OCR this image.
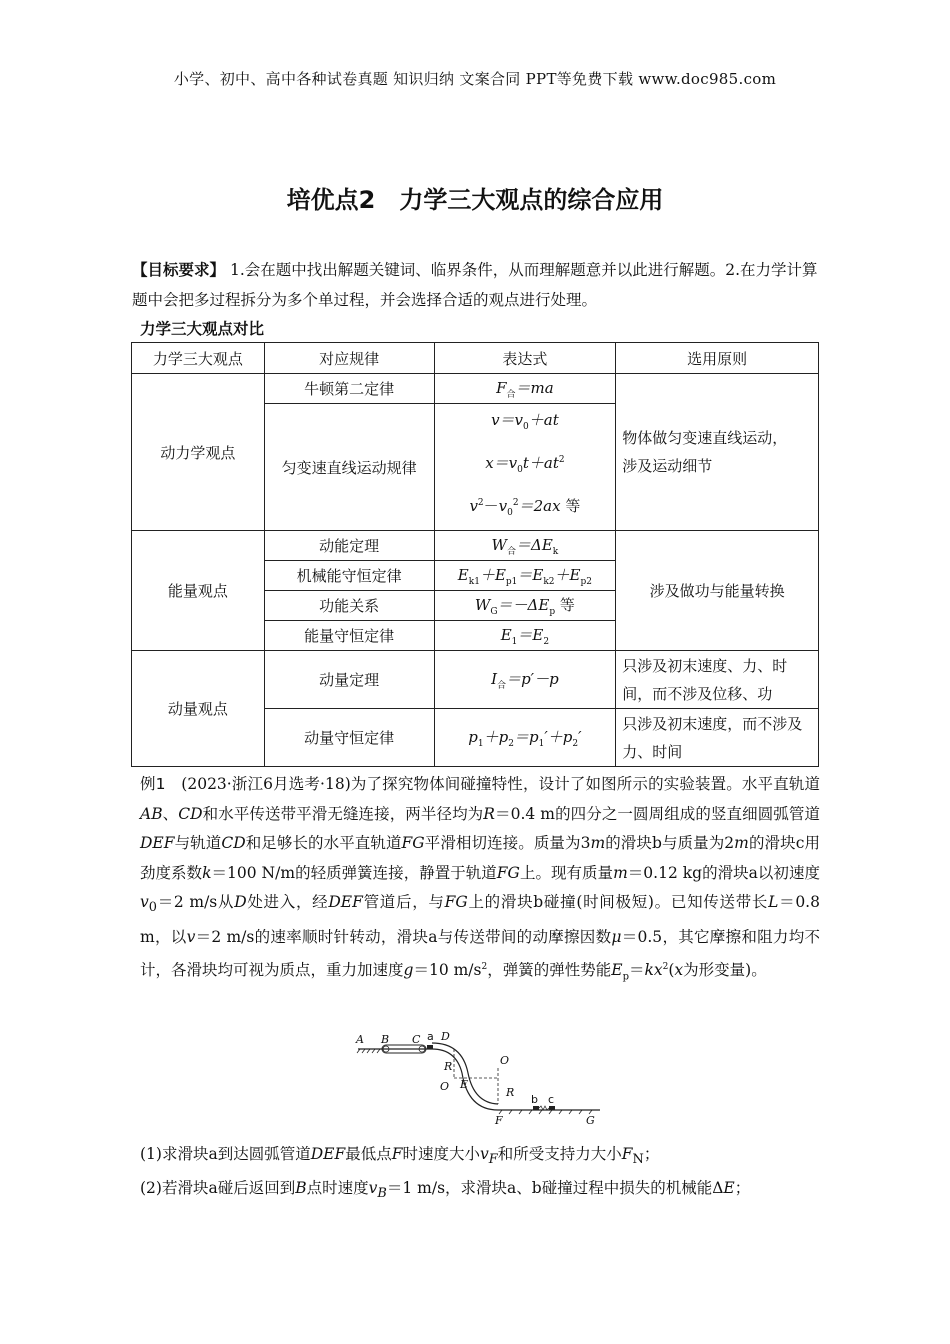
小学、初中、高中各种试卷真题 知识归纳 文案合同 PPT等免费下载 www.doc985.com
培优点2　力学三大观点的综合应用
【目标要求】 1.会在题中找出解题关键词、临界条件，从而理解题意并以此进行解题。2.在力学计算题中会把多过程拆分为多个单过程，并会选择合适的观点进行处理。
力学三大观点对比
力学三大观点	对应规律	表达式	选用原则
动力学观点	牛顿第二定律	$F_合=ma$	物体做匀变速直线运动，
涉及运动细节

	匀变速直线运动规律	$v=v_0+at$
$x=v_0t+at^2$
$v^2-v_0^2=2ax$ 等	

能量观点	动能定理	$W_合=\Delta E_k$	涉及做功与能量转换
	机械能守恒定律	$E_{k1}+E_{p1}=E_{k2}+E_{p2}$
	功能关系	$W_G=-\Delta E_p$ 等	
	能量守恒定律	$E_1=E_2$
动量观点	动量定理	$I_合=p'-p$	只涉及初末速度、力、时间，而不涉及位移、功
	动量守恒定律	$p_1+p_2=p_1'+p_2'$	只涉及初末速度，而不涉及力、时间
例1　 (2023·浙江6月选考·18)为了探究物体间碰撞特性，设计了如图所示的实验装置。水平直轨道AB、CD和水平传送带平滑无缝连接，两半径均为R＝0.4 m的四分之一圆周组成的竖直细圆弧管道DEF与轨道CD和足够长的水平直轨道FG平滑相切连接。质量为3m的滑块b与质量为2m的滑块c用劲度系数k＝100 N/m的轻质弹簧连接，静置于轨道FG上。现有质量m＝0.12 kg的滑块a以初速度$v_0=2$ m/s从D处进入，经DEF管道后，与FG上的滑块b碰撞(时间极短)。已知传送带长L＝0.8 m，以v＝2 m/s的速率顺时针转动，滑块a与传送带间的动摩擦因数μ＝0.5，其它摩擦和阻力均不计，各滑块均可视为质点，重力加速度g＝10 $m/s^2$，弹簧的弹性势能$E_p=kx^2(x$为形变量)。
A B C D
R
O E
O
R
F	G
a
b c
(1)求滑块a到达圆弧管道DEF最低点F时速度大小$v_F$和所受支持力大小$F_N$；
(2)若滑块a碰后返回到B点时速度$v_B=1$ m/s，求滑块a、b碰撞过程中损失的机械能ΔE；
